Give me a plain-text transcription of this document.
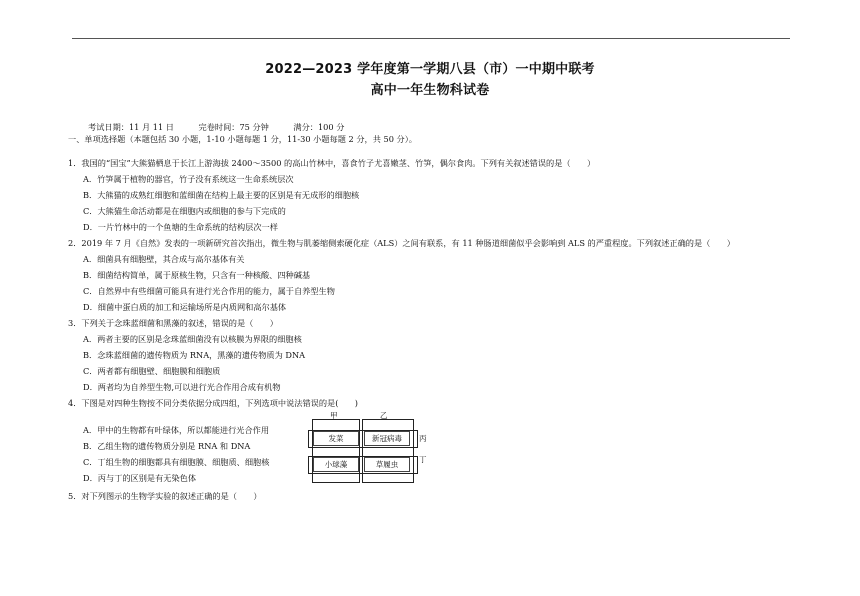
2022—2023 学年度第一学期八县（市）一中期中联考
高中一年生物科试卷
考试日期：11 月 11 日　　　完卷时间：75 分钟　　　满分：100 分
一、单项选择题（本题包括 30 小题，1-10 小题每题 1 分，11-30 小题每题 2 分，共 50 分）。
1．我国的“国宝”大熊猫栖息于长江上游海拔 2400～3500 的高山竹林中，喜食竹子尤喜嫩茎、竹笋，偶尔食肉。下列有关叙述错误的是（　　）
A．竹笋属于植物的器官，竹子没有系统这一生命系统层次
B．大熊猫的成熟红细胞和蓝细菌在结构上最主要的区别是有无成形的细胞核
C．大熊猫生命活动都是在细胞内或细胞的参与下完成的
D．一片竹林中的一个鱼塘的生命系统的结构层次一样
2．2019 年 7 月《自然》发表的一项新研究首次指出，微生物与肌萎缩侧索硬化症（ALS）之间有联系，有 11 种肠道细菌似乎会影响到 ALS 的严重程度。下列叙述正确的是（　　）
A．细菌具有细胞壁，其合成与高尔基体有关
B．细菌结构简单，属于原核生物，只含有一种核酸、四种碱基
C．自然界中有些细菌可能具有进行光合作用的能力，属于自养型生物
D．细菌中蛋白质的加工和运输场所是内质网和高尔基体
3．下列关于念珠蓝细菌和黑藻的叙述，错误的是（　　）
A．两者主要的区别是念珠蓝细菌没有以核膜为界限的细胞核
B．念珠蓝细菌的遗传物质为 RNA，黑藻的遗传物质为 DNA
C．两者都有细胞壁、细胞膜和细胞质
D．两者均为自养型生物,可以进行光合作用合成有机物
4．下图是对四种生物按不同分类依据分成四组，下列选项中说法错误的是(　　)
A．甲中的生物都有叶绿体，所以都能进行光合作用
B．乙组生物的遗传物质分别是 RNA 和 DNA
C．丁组生物的细胞都具有细胞膜、细胞质、细胞核
D．丙与丁的区别是有无染色体
甲	乙
丙
丁
发菜	新冠病毒
小球藻	草履虫
5．对下列图示的生物学实验的叙述正确的是（　　）
